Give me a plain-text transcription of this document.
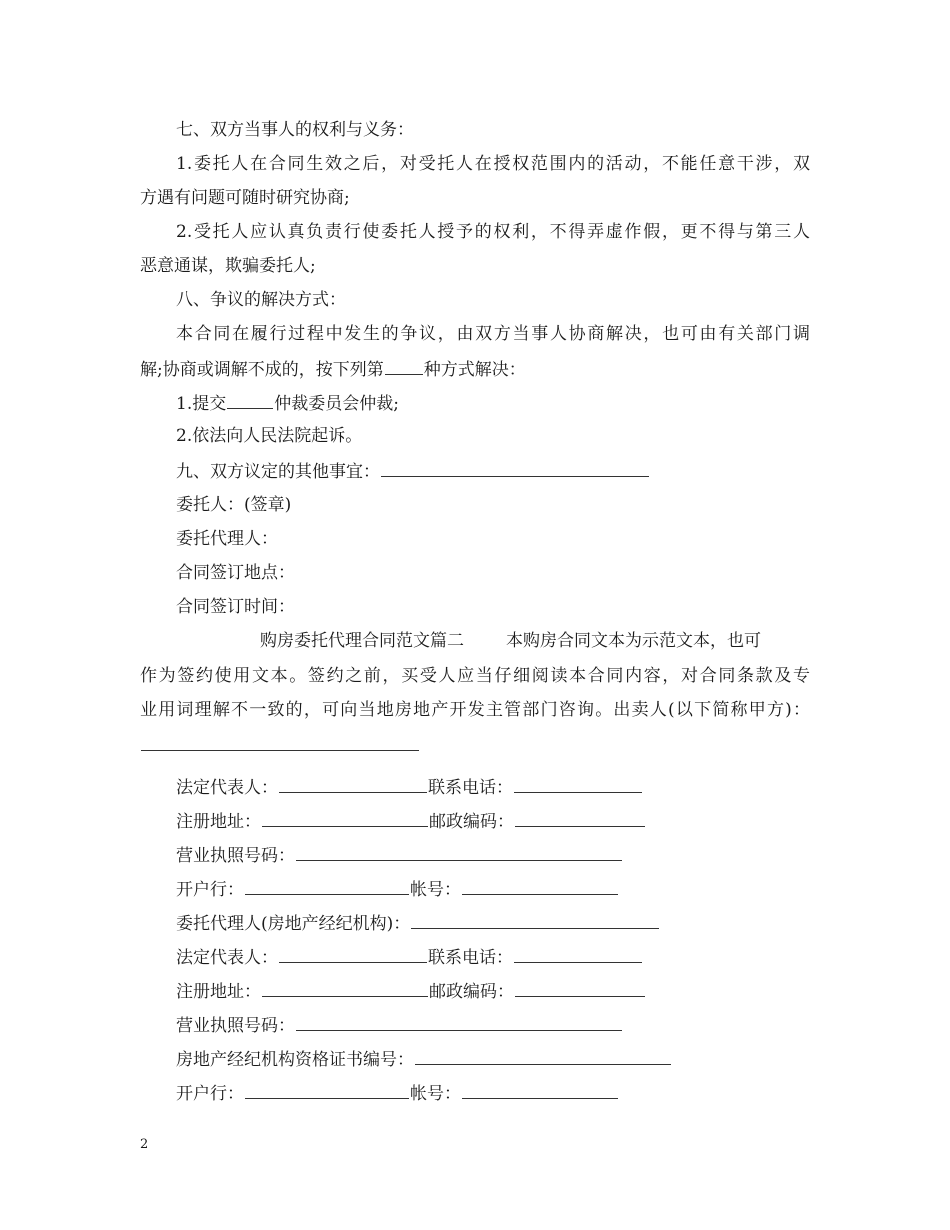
七、双方当事人的权利与义务：
1.委托人在合同生效之后，对受托人在授权范围内的活动，不能任意干涉，双
方遇有问题可随时研究协商;
2.受托人应认真负责行使委托人授予的权利，不得弄虚作假，更不得与第三人
恶意通谋，欺骗委托人;
八、争议的解决方式：
本合同在履行过程中发生的争议，由双方当事人协商解决，也可由有关部门调
解;协商或调解不成的，按下列第 种方式解决：
1.提交	仲裁委员会仲裁;
2.依法向人民法院起诉。
九、双方议定的其他事宜：
委托人：(签章)
委托代理人：
合同签订地点：
合同签订时间：
购房委托代理合同范文篇二 本购房合同文本为示范文本，也可
作为签约使用文本。签约之前，买受人应当仔细阅读本合同内容，对合同条款及专
业用词理解不一致的，可向当地房地产开发主管部门咨询。出卖人(以下简称甲方)：
法定代表人：	联系电话：
注册地址：	邮政编码：
营业执照号码：
开户行：	帐号：
委托代理人(房地产经纪机构)：
法定代表人：	联系电话：
注册地址：	邮政编码：
营业执照号码：
房地产经纪机构资格证书编号：
开户行：	帐号：
2
